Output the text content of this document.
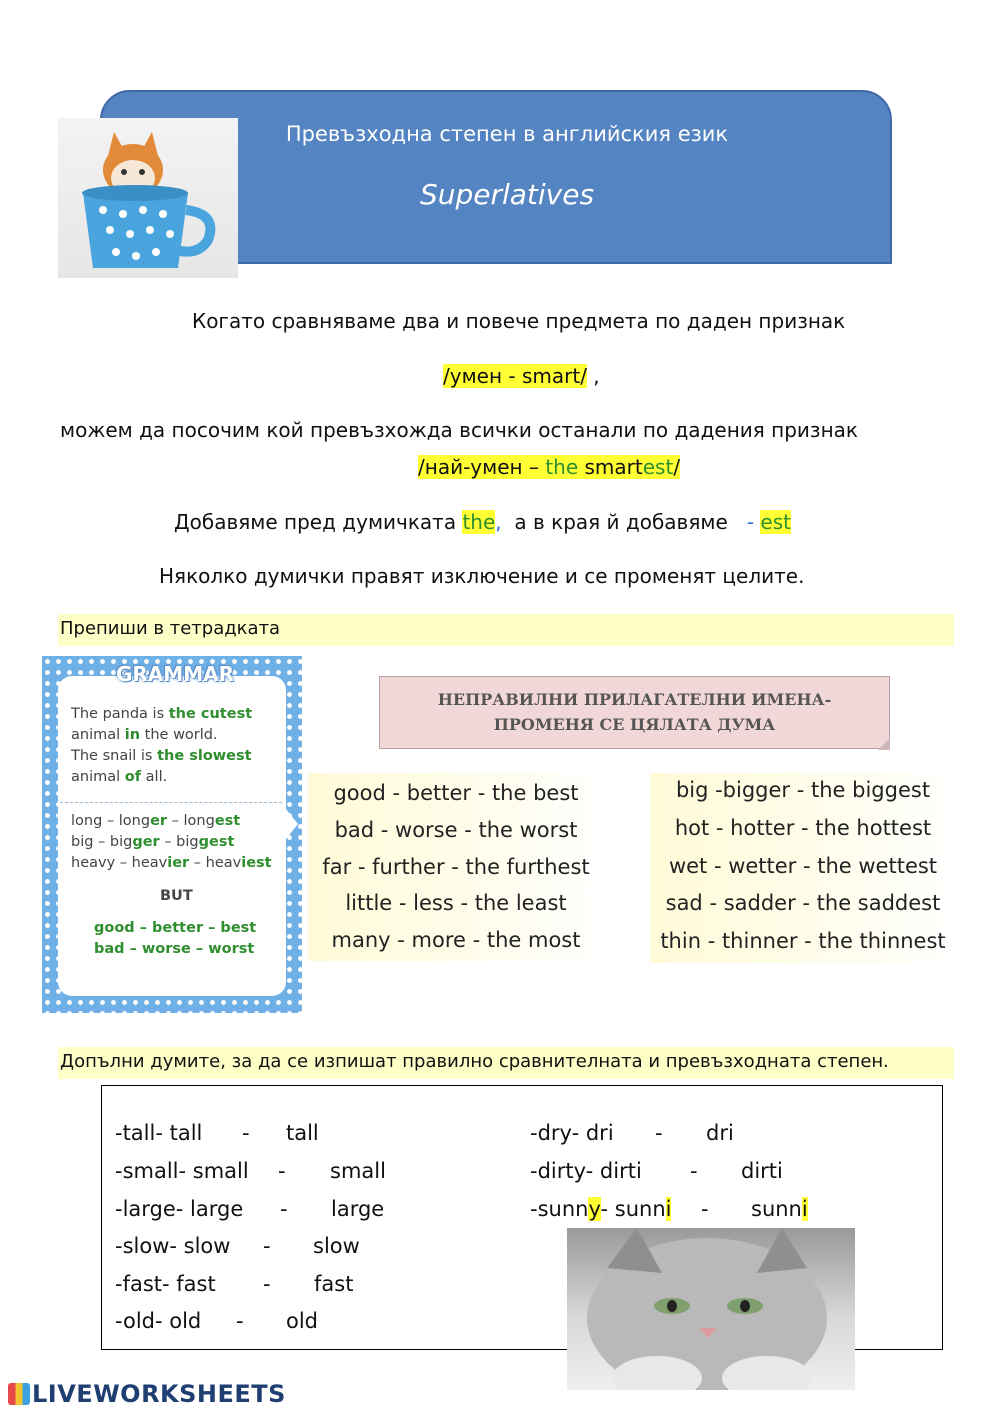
Превъзходна степен в английския език
Superlatives
Когато сравняваме два и повече предмета по даден признак
/умен - smart/ ,
можем да посочим кой превъзхожда всички останали по дадения признак
/най-умен – the smartest/
Добавяме пред думичката the,  а в края й добавяме   - est
Няколко думички правят изключение и се променят целите.
Препиши в тетрадката
GRAMMAR
The panda is the cutest
animal in the world.
The snail is the slowest
animal of all.
long – longer – longest
big – bigger – biggest
heavy – heavier – heaviest
BUT
good – better – best
bad – worse – worst
НЕПРАВИЛНИ ПРИЛАГАТЕЛНИ ИМЕНА-
ПРОМЕНЯ СЕ ЦЯЛАТА ДУМА
good - better - the best
bad - worse - the worst
far - further - the furthest
little - less - the least
many - more - the most
big -bigger - the biggest
hot - hotter - the hottest
wet - wetter - the wettest
sad - sadder - the saddest
thin - thinner - the thinnest
Допълни думите, за да се изпишат правилно сравнителната и превъзходната степен.
-tall- tall - tall
-small- small - small
-large- large - large
-slow- slow - slow
-fast- fast - fast
-old- old - old
-dry- dri - dri
-dirty- dirti - dirti
-sunny- sunni - sunni
LIVEWORKSHEETS
